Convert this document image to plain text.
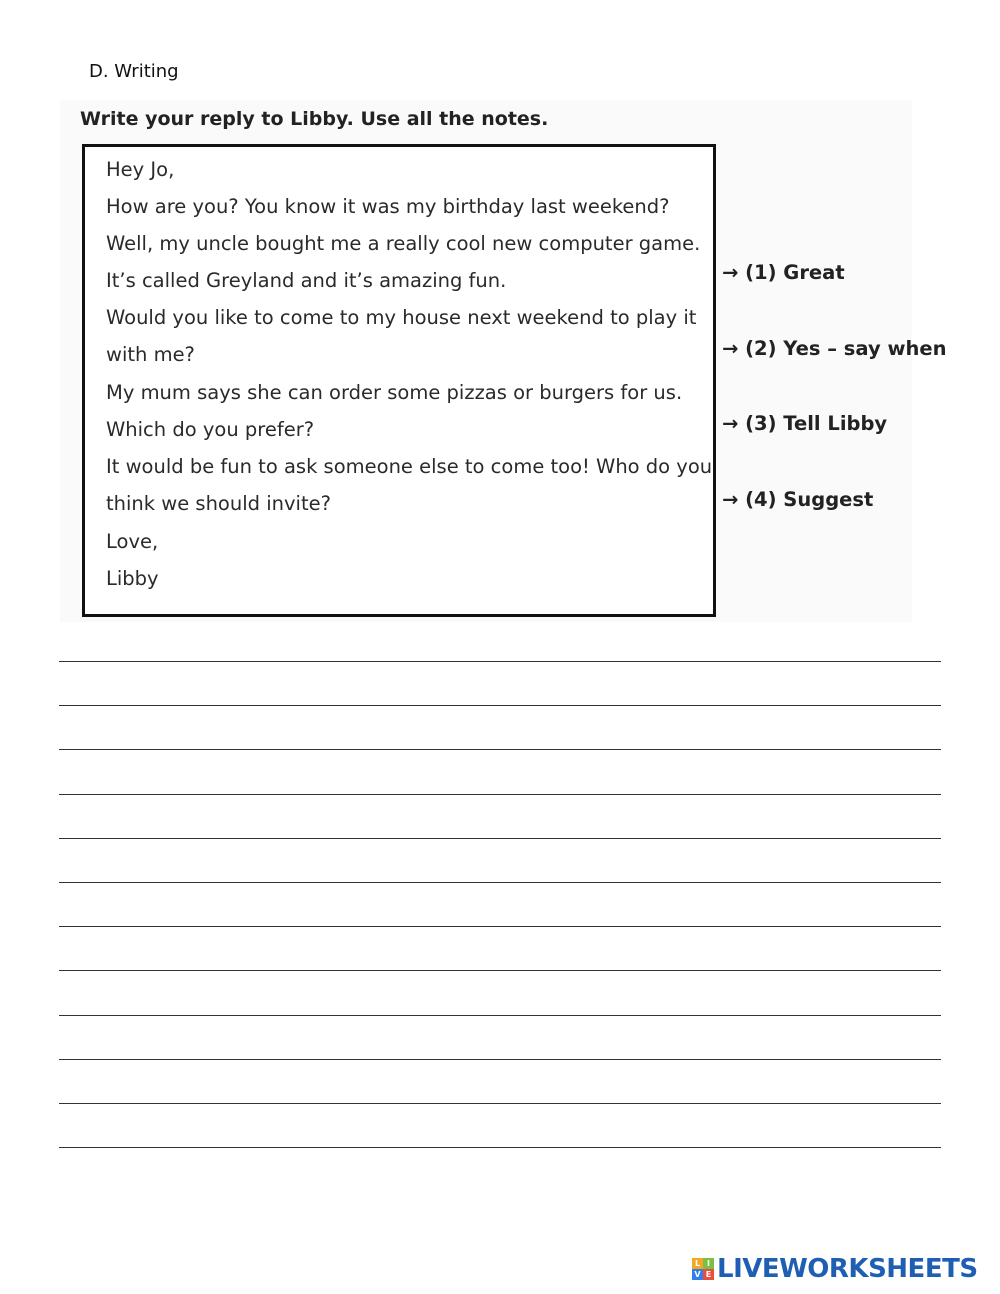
D. Writing
Write your reply to Libby. Use all the notes.
Hey Jo,
How are you? You know it was my birthday last weekend?
Well, my uncle bought me a really cool new computer game.
It’s called Greyland and it’s amazing fun.
Would you like to come to my house next weekend to play it
with me?
My mum says she can order some pizzas or burgers for us.
Which do you prefer?
It would be fun to ask someone else to come too! Who do you
think we should invite?
Love,
Libby
→ (1) Great
→ (2) Yes – say when
→ (3) Tell Libby
→ (4) Suggest
L I
V E LIVEWORKSHEETS
